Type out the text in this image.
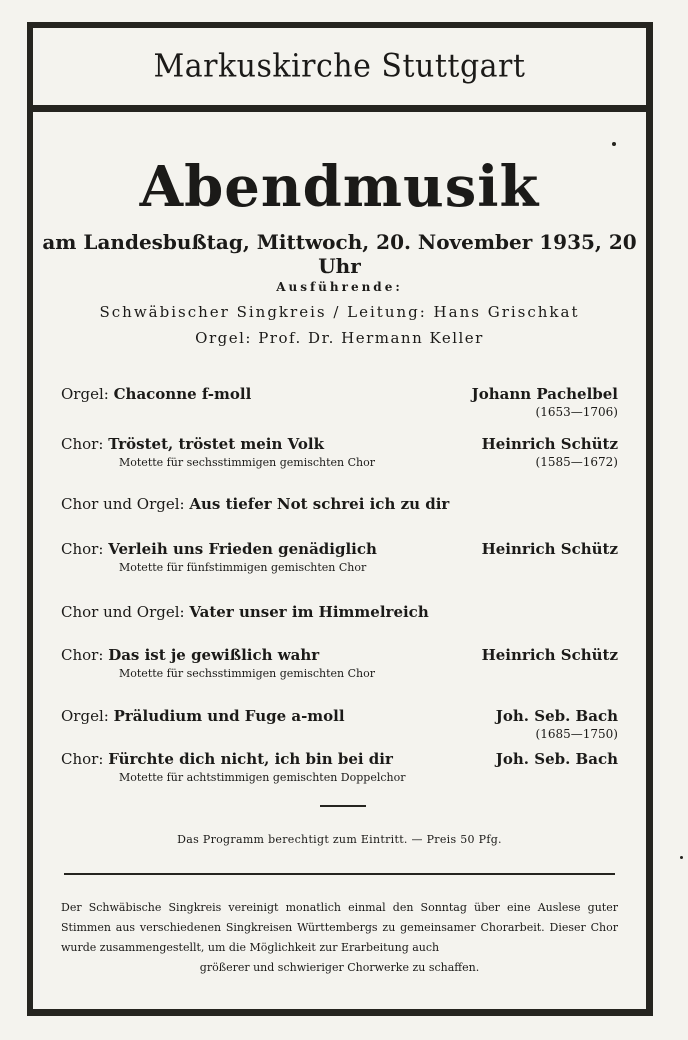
Markuskirche Stuttgart
Abendmusik
am Landesbußtag, Mittwoch, 20. November 1935, 20 Uhr
Ausführende:
Schwäbischer Singkreis / Leitung: Hans Grischkat
Orgel: Prof. Dr. Hermann Keller
Orgel: Chaconne f-moll	Johann Pachelbel
(1653—1706)
Chor: Tröstet, tröstet mein Volk
Motette für sechsstimmigen gemischten Chor
Heinrich Schütz
(1585—1672)
Chor und Orgel: Aus tiefer Not schrei ich zu dir
Chor: Verleih uns Frieden genädiglich
Motette für fünfstimmigen gemischten Chor
Heinrich Schütz
Chor und Orgel: Vater unser im Himmelreich
Chor: Das ist je gewißlich wahr
Motette für sechsstimmigen gemischten Chor
Heinrich Schütz
Orgel: Präludium und Fuge a-moll	Joh. Seb. Bach
(1685—1750)
Chor: Fürchte dich nicht, ich bin bei dir
Motette für achtstimmigen gemischten Doppelchor
Joh. Seb. Bach
Das Programm berechtigt zum Eintritt. — Preis 50 Pfg.
Der Schwäbische Singkreis vereinigt monatlich einmal den Sonntag über eine Auslese guter Stimmen aus verschiedenen Singkreisen Württembergs zu gemeinsamer Chorarbeit. Dieser Chor wurde zusammengestellt, um die Möglichkeit zur Erarbeitung auch
größerer und schwieriger Chorwerke zu schaffen.
